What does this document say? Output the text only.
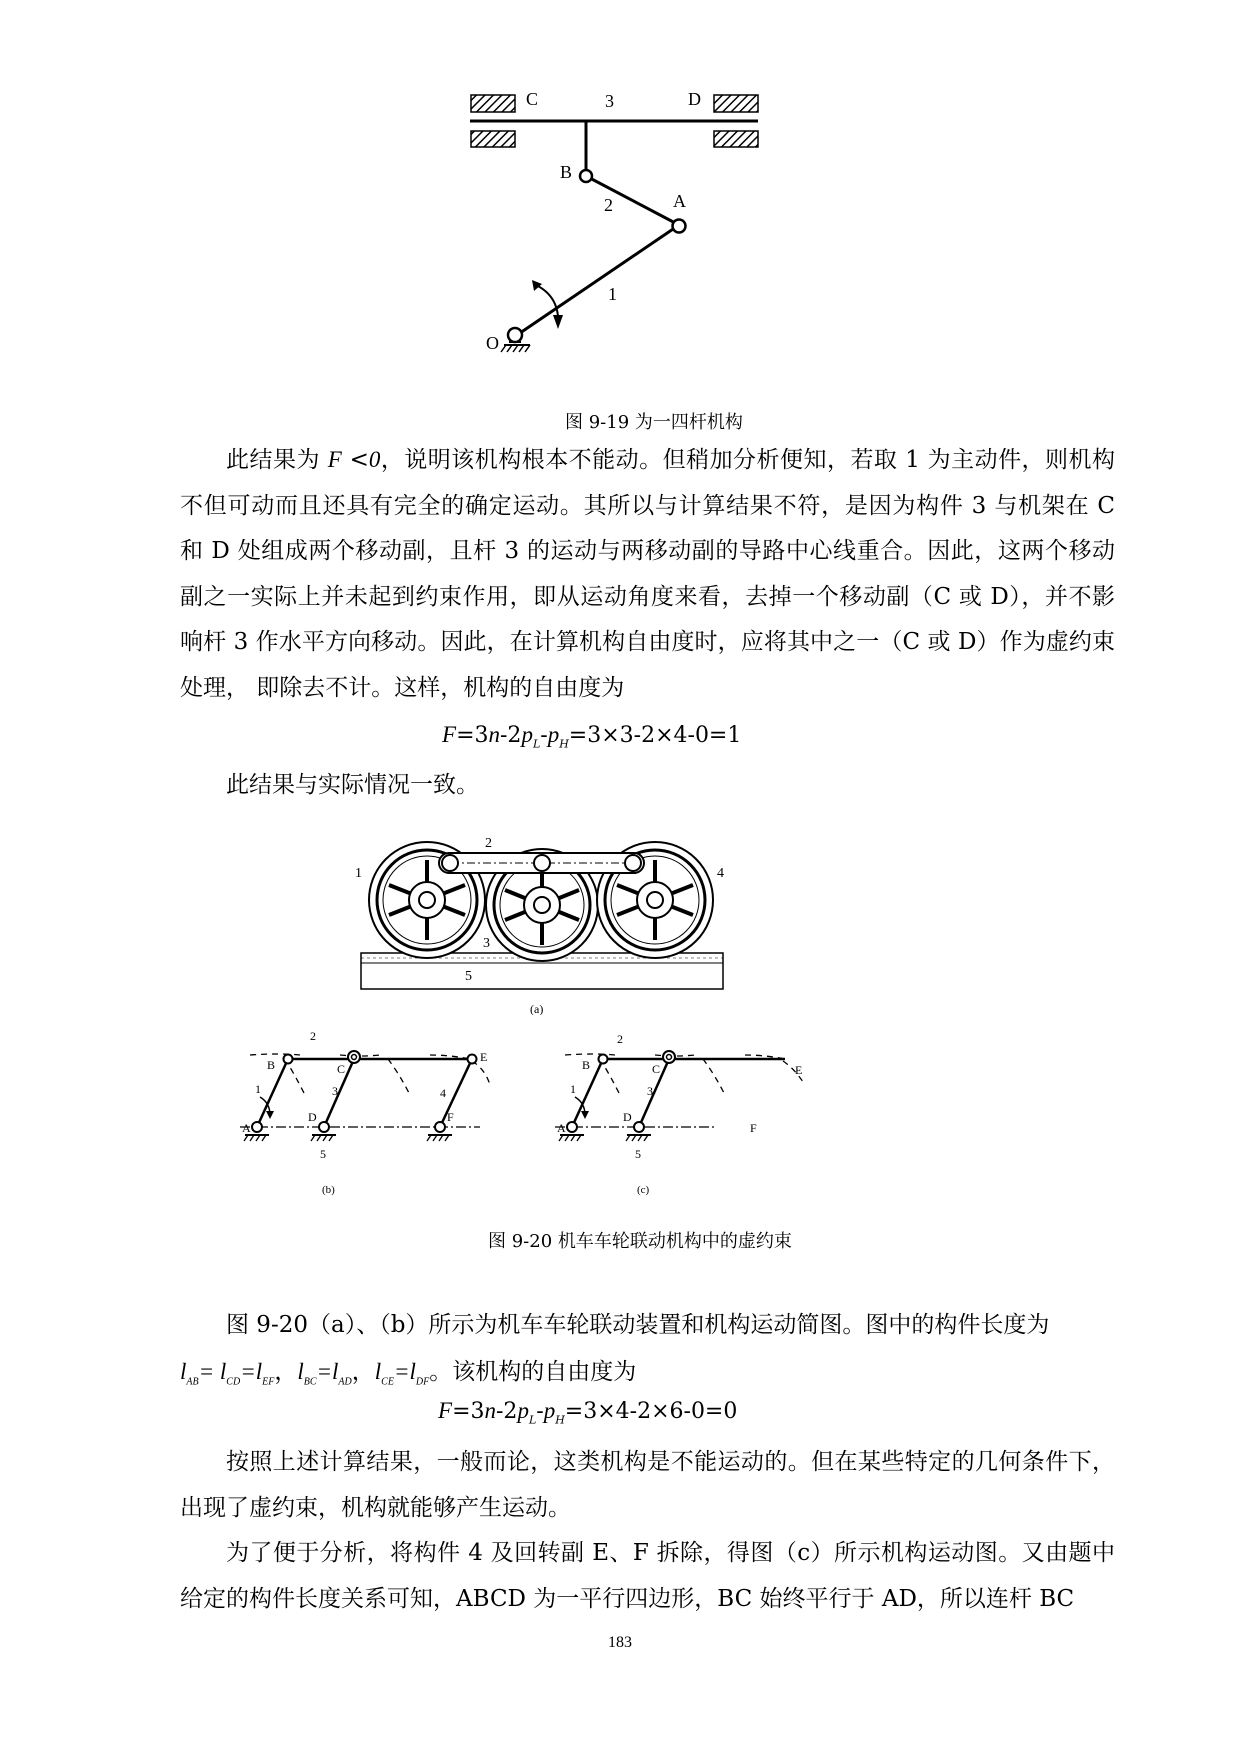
C	3	D
B
A
2
1
O
图 9-19 为一四杆机构
此结果为 F <0，说明该机构根本不能动。但稍加分析便知，若取 1 为主动件，则机构不但可动而且还具有完全的确定运动。其所以与计算结果不符，是因为构件 3 与机架在 C 和 D 处组成两个移动副，且杆 3 的运动与两移动副的导路中心线重合。因此，这两个移动副之一实际上并未起到约束作用，即从运动角度来看，去掉一个移动副（C 或 D），并不影响杆 3 作水平方向移动。因此，在计算机构自由度时，应将其中之一（C 或 D）作为虚约束处理， 即除去不计。这样，机构的自由度为
$F=3n-2p_L-p_H=3\times 3-2\times 4-0=1$
此结果与实际情况一致。
1
2
3
4
5
(a)
B
2
C
E
1	3	4
A
D	F
5
(b)
B
2
C	E
1	3
A
D
F
5
(c)
图 9-20 机车车轮联动机构中的虚约束
图 9-20（a）、（b）所示为机车车轮联动装置和机构运动简图。图中的构件长度为
$l_{AB}= l_{CD}=l_{EF}$，$l_{BC}=l_{AD}$，$l_{CE}=l_{DF}$。该机构的自由度为
$F=3n-2p_L-p_H=3\times 4-2\times 6-0=0$
按照上述计算结果，一般而论，这类机构是不能运动的。但在某些特定的几何条件下，出现了虚约束，机构就能够产生运动。
为了便于分析，将构件 4 及回转副 E、F 拆除，得图（c）所示机构运动图。又由题中给定的构件长度关系可知，ABCD 为一平行四边形，BC 始终平行于 AD，所以连杆 BC
183
